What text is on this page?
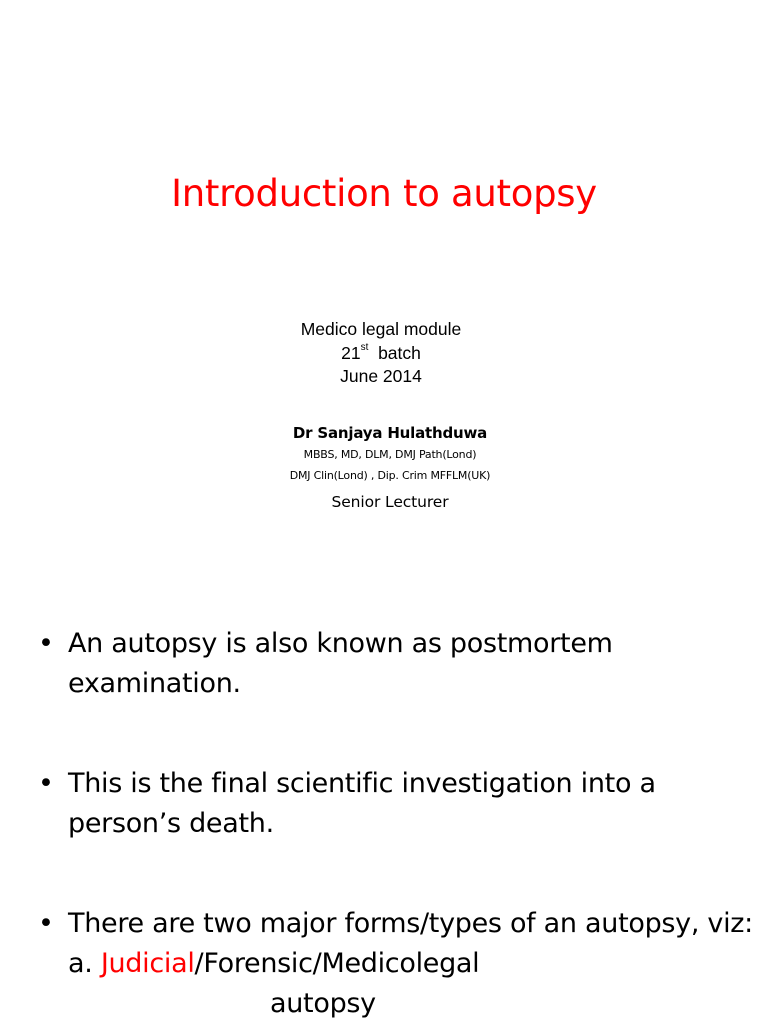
Introduction to autopsy
Medico legal module
21st batch
June 2014
Dr Sanjaya Hulathduwa
MBBS, MD, DLM, DMJ Path(Lond)
DMJ Clin(Lond) , Dip. Crim MFFLM(UK)
Senior Lecturer
• An autopsy is also known as postmortem examination.
• This is the final scientific investigation into a person’s death.
• There are two major forms/types of an autopsy, viz: a. Judicial/Forensic/Medicolegal
autopsy
